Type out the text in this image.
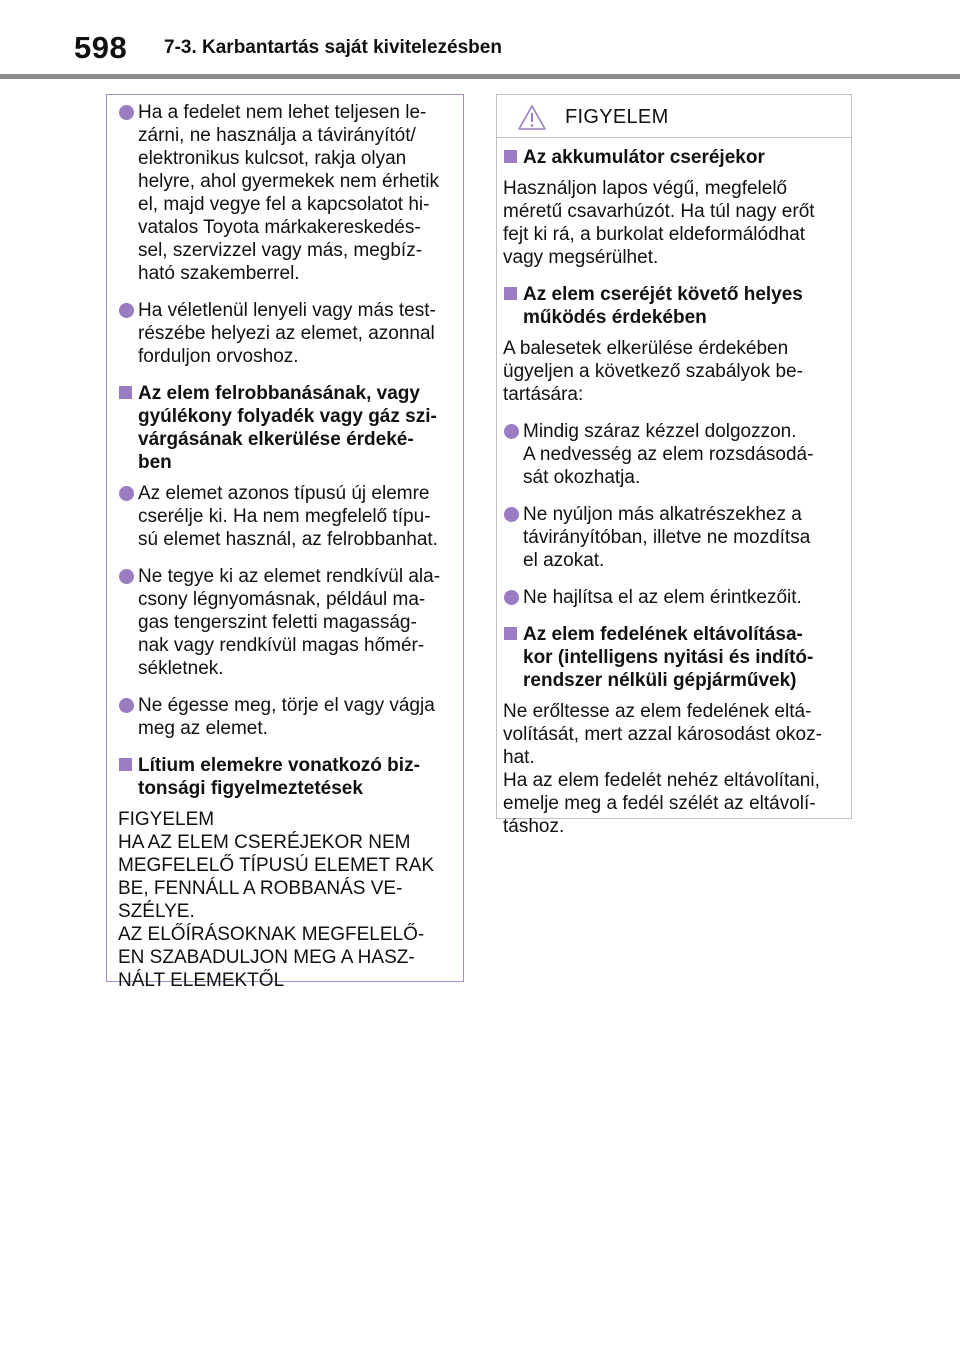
598 7-3. Karbantartás saját kivitelezésben
Ha a fedelet nem lehet teljesen le-
zárni, ne használja a távirányítót/
elektronikus kulcsot, rakja olyan
helyre, ahol gyermekek nem érhetik
el, majd vegye fel a kapcsolatot hi-
vatalos Toyota márkakereskedés-
sel, szervizzel vagy más, megbíz-
ható szakemberrel.
Ha véletlenül lenyeli vagy más test-
részébe helyezi az elemet, azonnal
forduljon orvoshoz.
Az elem felrobbanásának, vagy
gyúlékony folyadék vagy gáz szi-
várgásának elkerülése érdeké-
ben
Az elemet azonos típusú új elemre
cserélje ki. Ha nem megfelelő típu-
sú elemet használ, az felrobbanhat.
Ne tegye ki az elemet rendkívül ala-
csony légnyomásnak, például ma-
gas tengerszint feletti magasság-
nak vagy rendkívül magas hőmér-
sékletnek.
Ne égesse meg, törje el vagy vágja
meg az elemet.
Lítium elemekre vonatkozó biz-
tonsági figyelmeztetések
FIGYELEM
HA AZ ELEM CSERÉJEKOR NEM
MEGFELELŐ TÍPUSÚ ELEMET RAK
BE, FENNÁLL A ROBBANÁS VE-
SZÉLYE.
AZ ELŐÍRÁSOKNAK MEGFELELŐ-
EN SZABADULJON MEG A HASZ-
NÁLT ELEMEKTŐL
FIGYELEM
Az akkumulátor cseréjekor
Használjon lapos végű, megfelelő
méretű csavarhúzót. Ha túl nagy erőt
fejt ki rá, a burkolat eldeformálódhat
vagy megsérülhet.
Az elem cseréjét követő helyes
működés érdekében
A balesetek elkerülése érdekében
ügyeljen a következő szabályok be-
tartására:
Mindig száraz kézzel dolgozzon.
A nedvesség az elem rozsdásodá-
sát okozhatja.
Ne nyúljon más alkatrészekhez a
távirányítóban, illetve ne mozdítsa
el azokat.
Ne hajlítsa el az elem érintkezőit.
Az elem fedelének eltávolítása-
kor (intelligens nyitási és indító-
rendszer nélküli gépjárművek)
Ne erőltesse az elem fedelének eltá-
volítását, mert azzal károsodást okoz-
hat.
Ha az elem fedelét nehéz eltávolítani,
emelje meg a fedél szélét az eltávolí-
táshoz.
